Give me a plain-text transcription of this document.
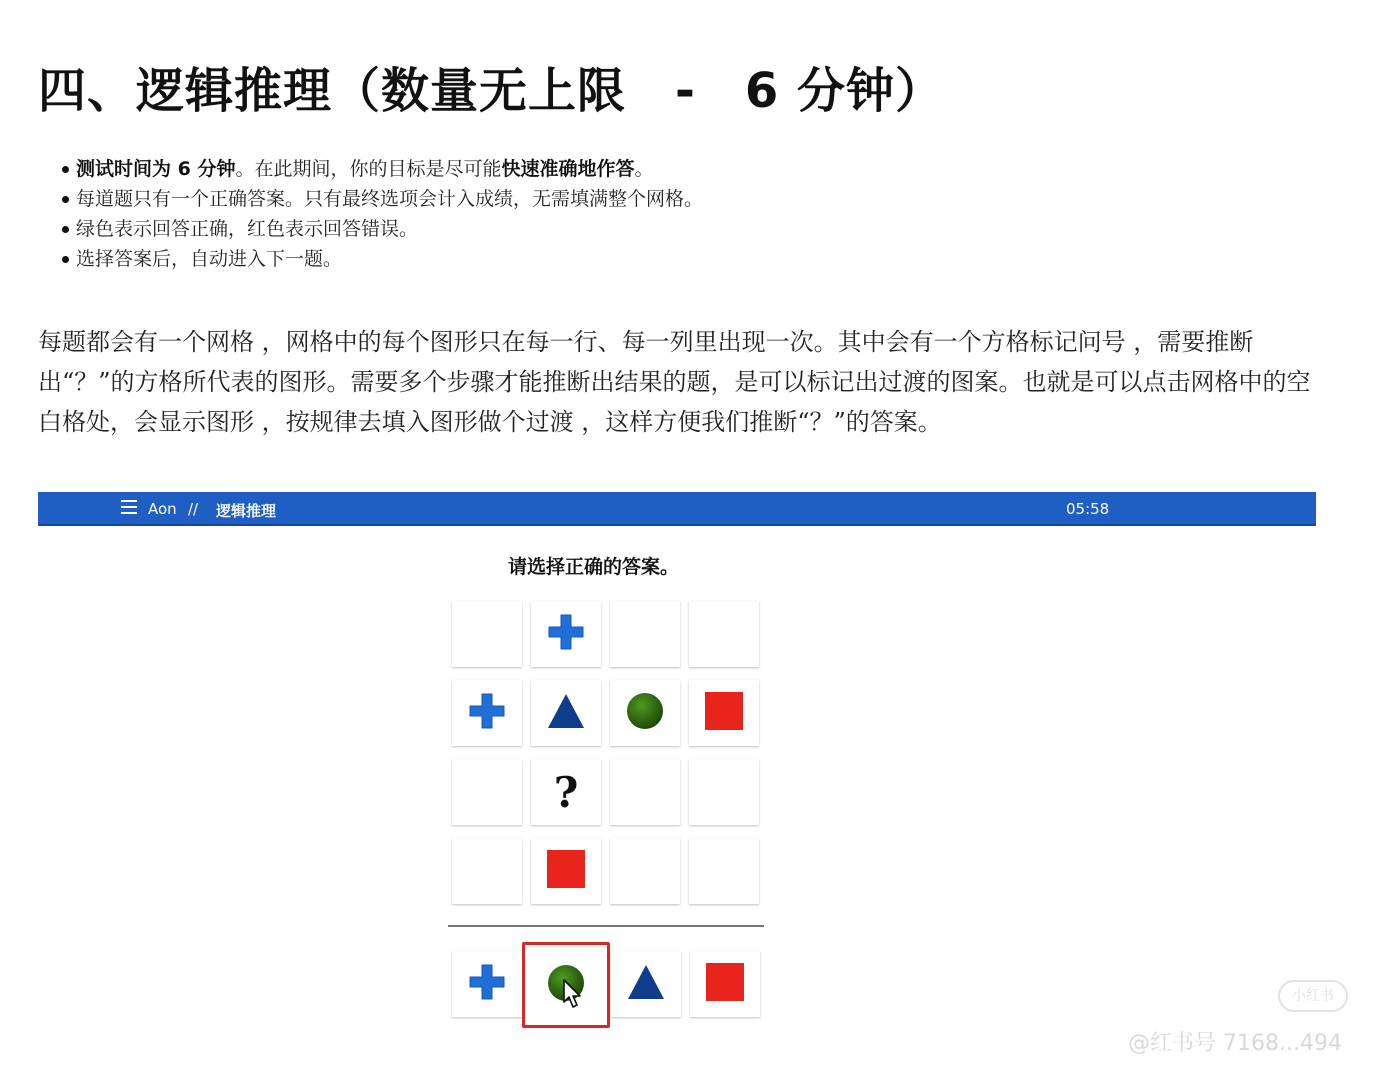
四、逻辑推理（数量无上限　-　6 分钟）
测试时间为 6 分钟。在此期间，你的目标是尽可能快速准确地作答。
每道题只有一个正确答案。只有最终选项会计入成绩，无需填满整个网格。
绿色表示回答正确，红色表示回答错误。
选择答案后，自动进入下一题。
每题都会有一个网格 ，网格中的每个图形只在每一行、每一列里出现一次。其中会有一个方格标记问号 ，需要推断出“？”的方格所代表的图形。需要多个步骤才能推断出结果的题，是可以标记出过渡的图案。也就是可以点击网格中的空白格处，会显示图形 ，按规律去填入图形做个过渡 ，这样方便我们推断“？”的答案。
Aon // 逻辑推理	05:58
请选择正确的答案。
?
小红书
@红书号 7168...494
